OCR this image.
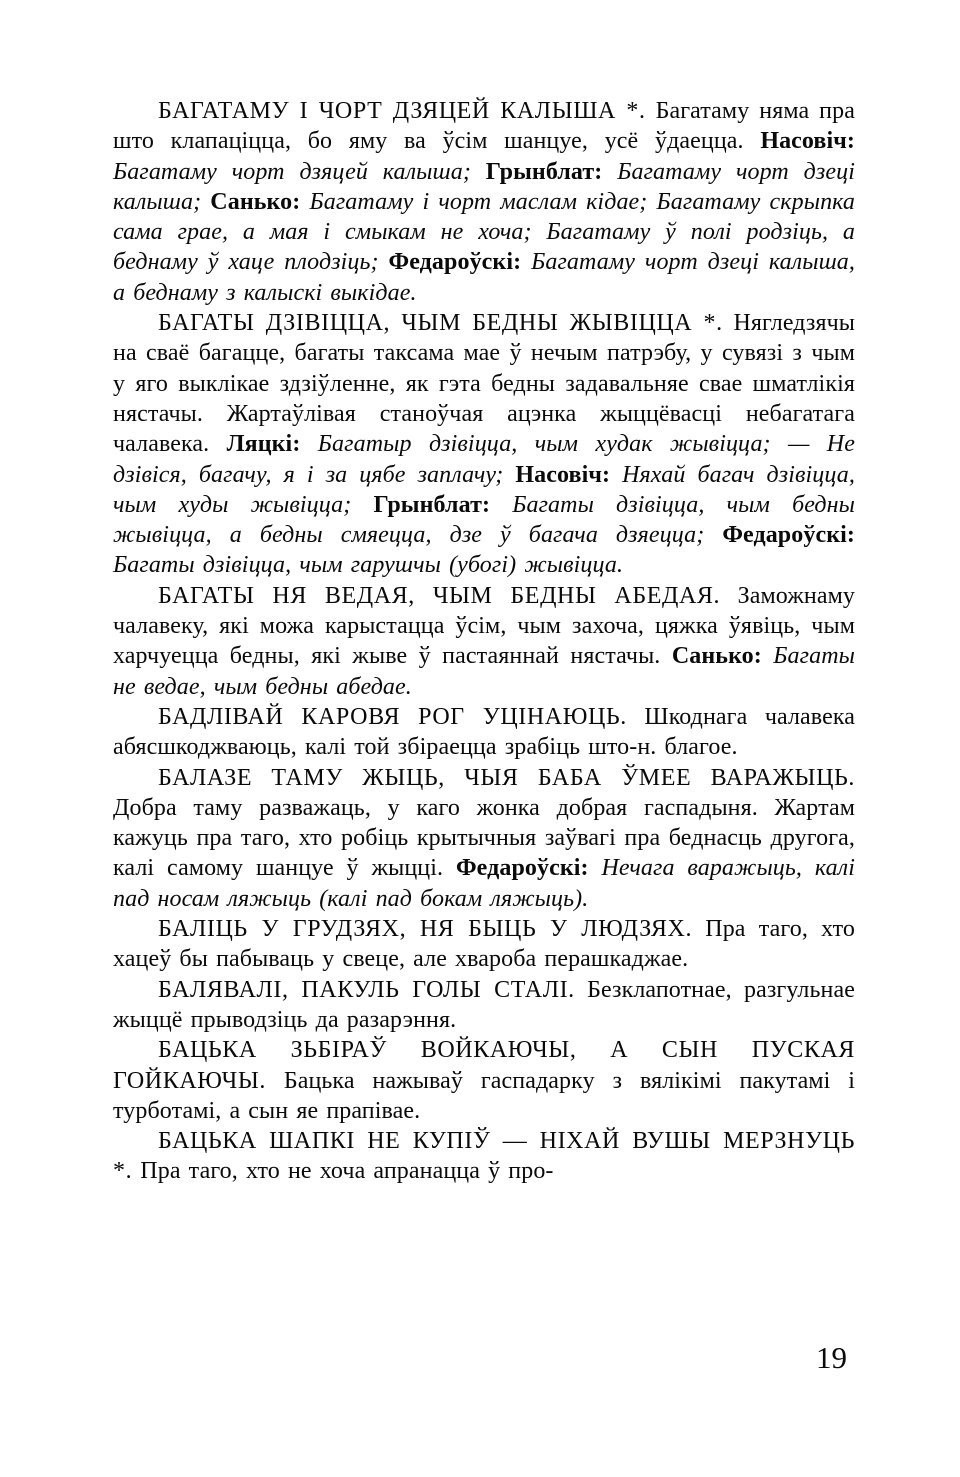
БАГАТАМУ І ЧОРТ ДЗЯЦЕЙ КАЛЫША *. Багатаму няма пра што клапаціцца, бо яму ва ўсім шанцуе, усё ўдаецца. Насовіч: Багатаму чорт дзяцей калыша; Грынблат: Багатаму чорт дзеці калыша; Санько: Багатаму і чорт маслам кідае; Багатаму скрыпка сама грае, а мая і смыкам не хоча; Багатаму ў полі родзіць, а беднаму ў хаце плодзіць; Федароўскі: Багатаму чорт дзеці калыша, а беднаму з калыскі выкідае.

БАГАТЫ ДЗІВІЦЦА, ЧЫМ БЕДНЫ ЖЫВІЦЦА *. Нягледзячы на сваё багацце, багаты таксама мае ў нечым патрэбу, у сувязі з чым у яго выклікае здзіўленне, як гэта бедны задавальняе свае шматлікія нястачы. Жартаўлівая станоўчая ацэнка жыццёвасці небагатага чалавека. Ляцкі: Багатыр дзівіцца, чым худак жывіцца; — Не дзівіся, багачу, я і за цябе заплачу; Насовіч: Няхай багач дзівіцца, чым худы жывіцца; Грынблат: Багаты дзівіцца, чым бедны жывіцца, а бедны смяецца, дзе ў багача дзяецца; Федароўскі: Багаты дзівіцца, чым гарушчы (убогі) жывіцца.

БАГАТЫ НЯ ВЕДАЯ, ЧЫМ БЕДНЫ АБЕДАЯ. Заможнаму чалавеку, які можа карыстацца ўсім, чым захоча, цяжка ўявіць, чым харчуецца бедны, які жыве ў пастаяннай нястачы. Санько: Багаты не ведае, чым бедны абедае.

БАДЛІВАЙ КАРОВЯ РОГ УЦІНАЮЦЬ. Шкоднага чалавека абясшкоджваюць, калі той збіраецца зрабіць што-н. благое.

БАЛАЗЕ ТАМУ ЖЫЦЬ, ЧЫЯ БАБА ЎМЕЕ ВАРАЖЫЦЬ. Добра таму разважаць, у каго жонка добрая гаспадыня. Жартам кажуць пра таго, хто робіць крытычныя заўвагі пра беднасць другога, калі самому шанцуе ў жыцці. Федароўскі: Нечага варажыць, калі пад носам ляжыць (калі пад бокам ляжыць).

БАЛІЦЬ У ГРУДЗЯХ, НЯ БЫЦЬ У ЛЮДЗЯХ. Пра таго, хто хацеў бы пабываць у свеце, але хвароба перашкаджае.

БАЛЯВАЛІ, ПАКУЛЬ ГОЛЫ СТАЛІ. Безклапотнае, разгульнае жыццё прыводзіць да разарэння.

БАЦЬКА ЗЬБІРАЎ ВОЙКАЮЧЫ, А СЫН ПУСКАЯ ГОЙКАЮЧЫ. Бацька нажываў гаспадарку з вялікімі пакутамі і турботамі, а сын яе прапівае.

БАЦЬКА ШАПКІ НЕ КУПІЎ — НІХАЙ ВУШЫ МЕРЗНУЦЬ *. Пра таго, хто не хоча апранацца ў про-

19
